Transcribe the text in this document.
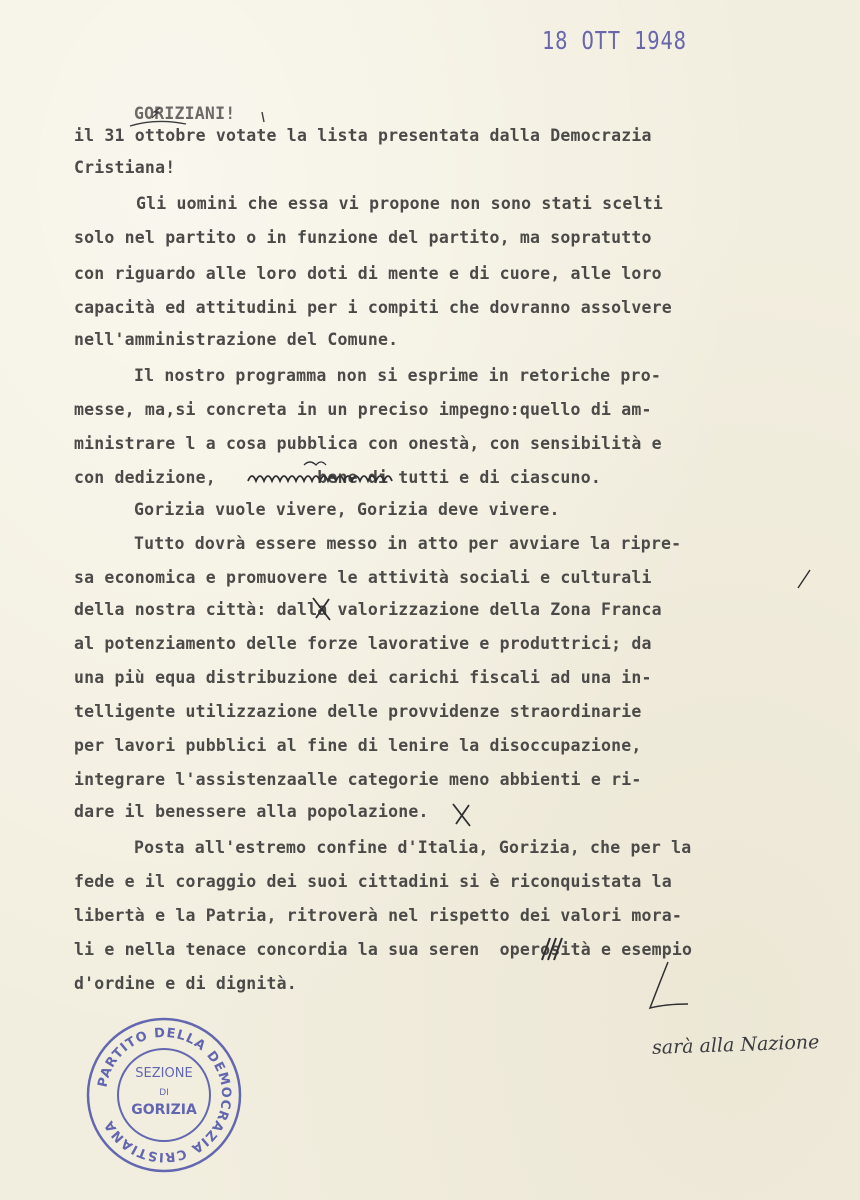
18 OTT 1948
GORIZIANI!
il 31 ottobre votate la lista presentata dalla Democrazia
Cristiana!
Gli uomini che essa vi propone non sono stati scelti
solo nel partito o in funzione del partito, ma sopratutto
con riguardo alle loro doti di mente e di cuore, alle loro
capacità ed attitudini per i compiti che dovranno assolvere
nell'amministrazione del Comune.
Il nostro programma non si esprime in retoriche pro-
messe, ma,si concreta in un preciso impegno:quello di am-
ministrare l a cosa pubblica con onestà, con sensibilità e
con dedizione,          bene di tutti e di ciascuno.
Gorizia vuole vivere, Gorizia deve vivere.
Tutto dovrà essere messo in atto per avviare la ripre-
sa economica e promuovere le attività sociali e culturali
della nostra città: dalla valorizzazione della Zona Franca
al potenziamento delle forze lavorative e produttrici; da
una più equa distribuzione dei carichi fiscali ad una in-
telligente utilizzazione delle provvidenze straordinarie
per lavori pubblici al fine di lenire la disoccupazione,
integrare l'assistenzaalle categorie meno abbienti e ri-
dare il benessere alla popolazione.
Posta all'estremo confine d'Italia, Gorizia, che per la
fede e il coraggio dei suoi cittadini si è riconquistata la
libertà e la Patria, ritroverà nel rispetto dei valori mora-
li e nella tenace concordia la sua seren  operosità e esempio
d'ordine e di dignità.
sarà alla Nazione
PARTITO DELLA DEMOCRAZIA CRISTIANA
SEZIONE
DI
GORIZIA
